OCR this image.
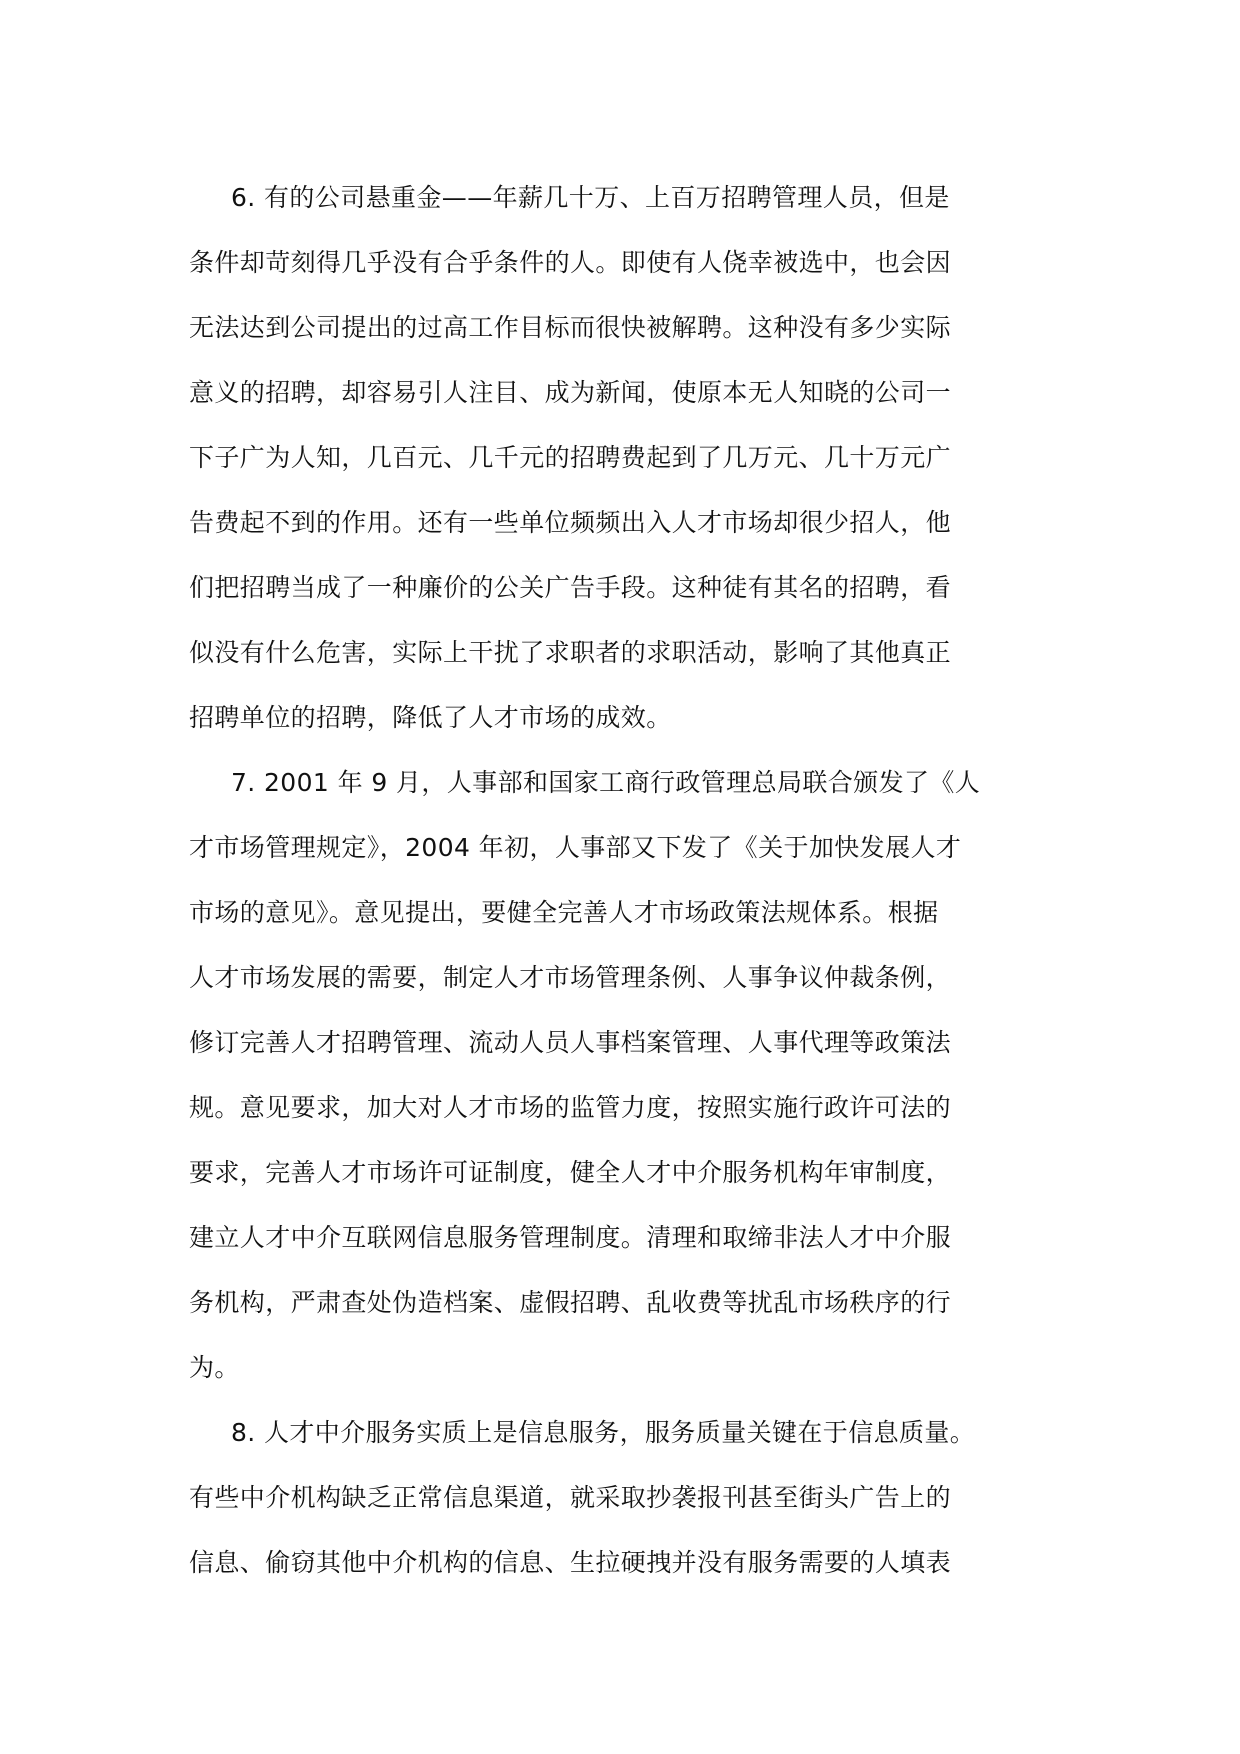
6. 有的公司悬重金——年薪几十万、上百万招聘管理人员，但是
条件却苛刻得几乎没有合乎条件的人。即使有人侥幸被选中，也会因
无法达到公司提出的过高工作目标而很快被解聘。这种没有多少实际
意义的招聘，却容易引人注目、成为新闻，使原本无人知晓的公司一
下子广为人知，几百元、几千元的招聘费起到了几万元、几十万元广
告费起不到的作用。还有一些单位频频出入人才市场却很少招人，他
们把招聘当成了一种廉价的公关广告手段。这种徒有其名的招聘，看
似没有什么危害，实际上干扰了求职者的求职活动，影响了其他真正
招聘单位的招聘，降低了人才市场的成效。
7. 2001 年 9 月，人事部和国家工商行政管理总局联合颁发了《人
才市场管理规定》，2004 年初，人事部又下发了《关于加快发展人才
市场的意见》。意见提出，要健全完善人才市场政策法规体系。根据
人才市场发展的需要，制定人才市场管理条例、人事争议仲裁条例，
修订完善人才招聘管理、流动人员人事档案管理、人事代理等政策法
规。意见要求，加大对人才市场的监管力度，按照实施行政许可法的
要求，完善人才市场许可证制度，健全人才中介服务机构年审制度，
建立人才中介互联网信息服务管理制度。清理和取缔非法人才中介服
务机构，严肃查处伪造档案、虚假招聘、乱收费等扰乱市场秩序的行
为。
8. 人才中介服务实质上是信息服务，服务质量关键在于信息质量。
有些中介机构缺乏正常信息渠道，就采取抄袭报刊甚至街头广告上的
信息、偷窃其他中介机构的信息、生拉硬拽并没有服务需要的人填表
